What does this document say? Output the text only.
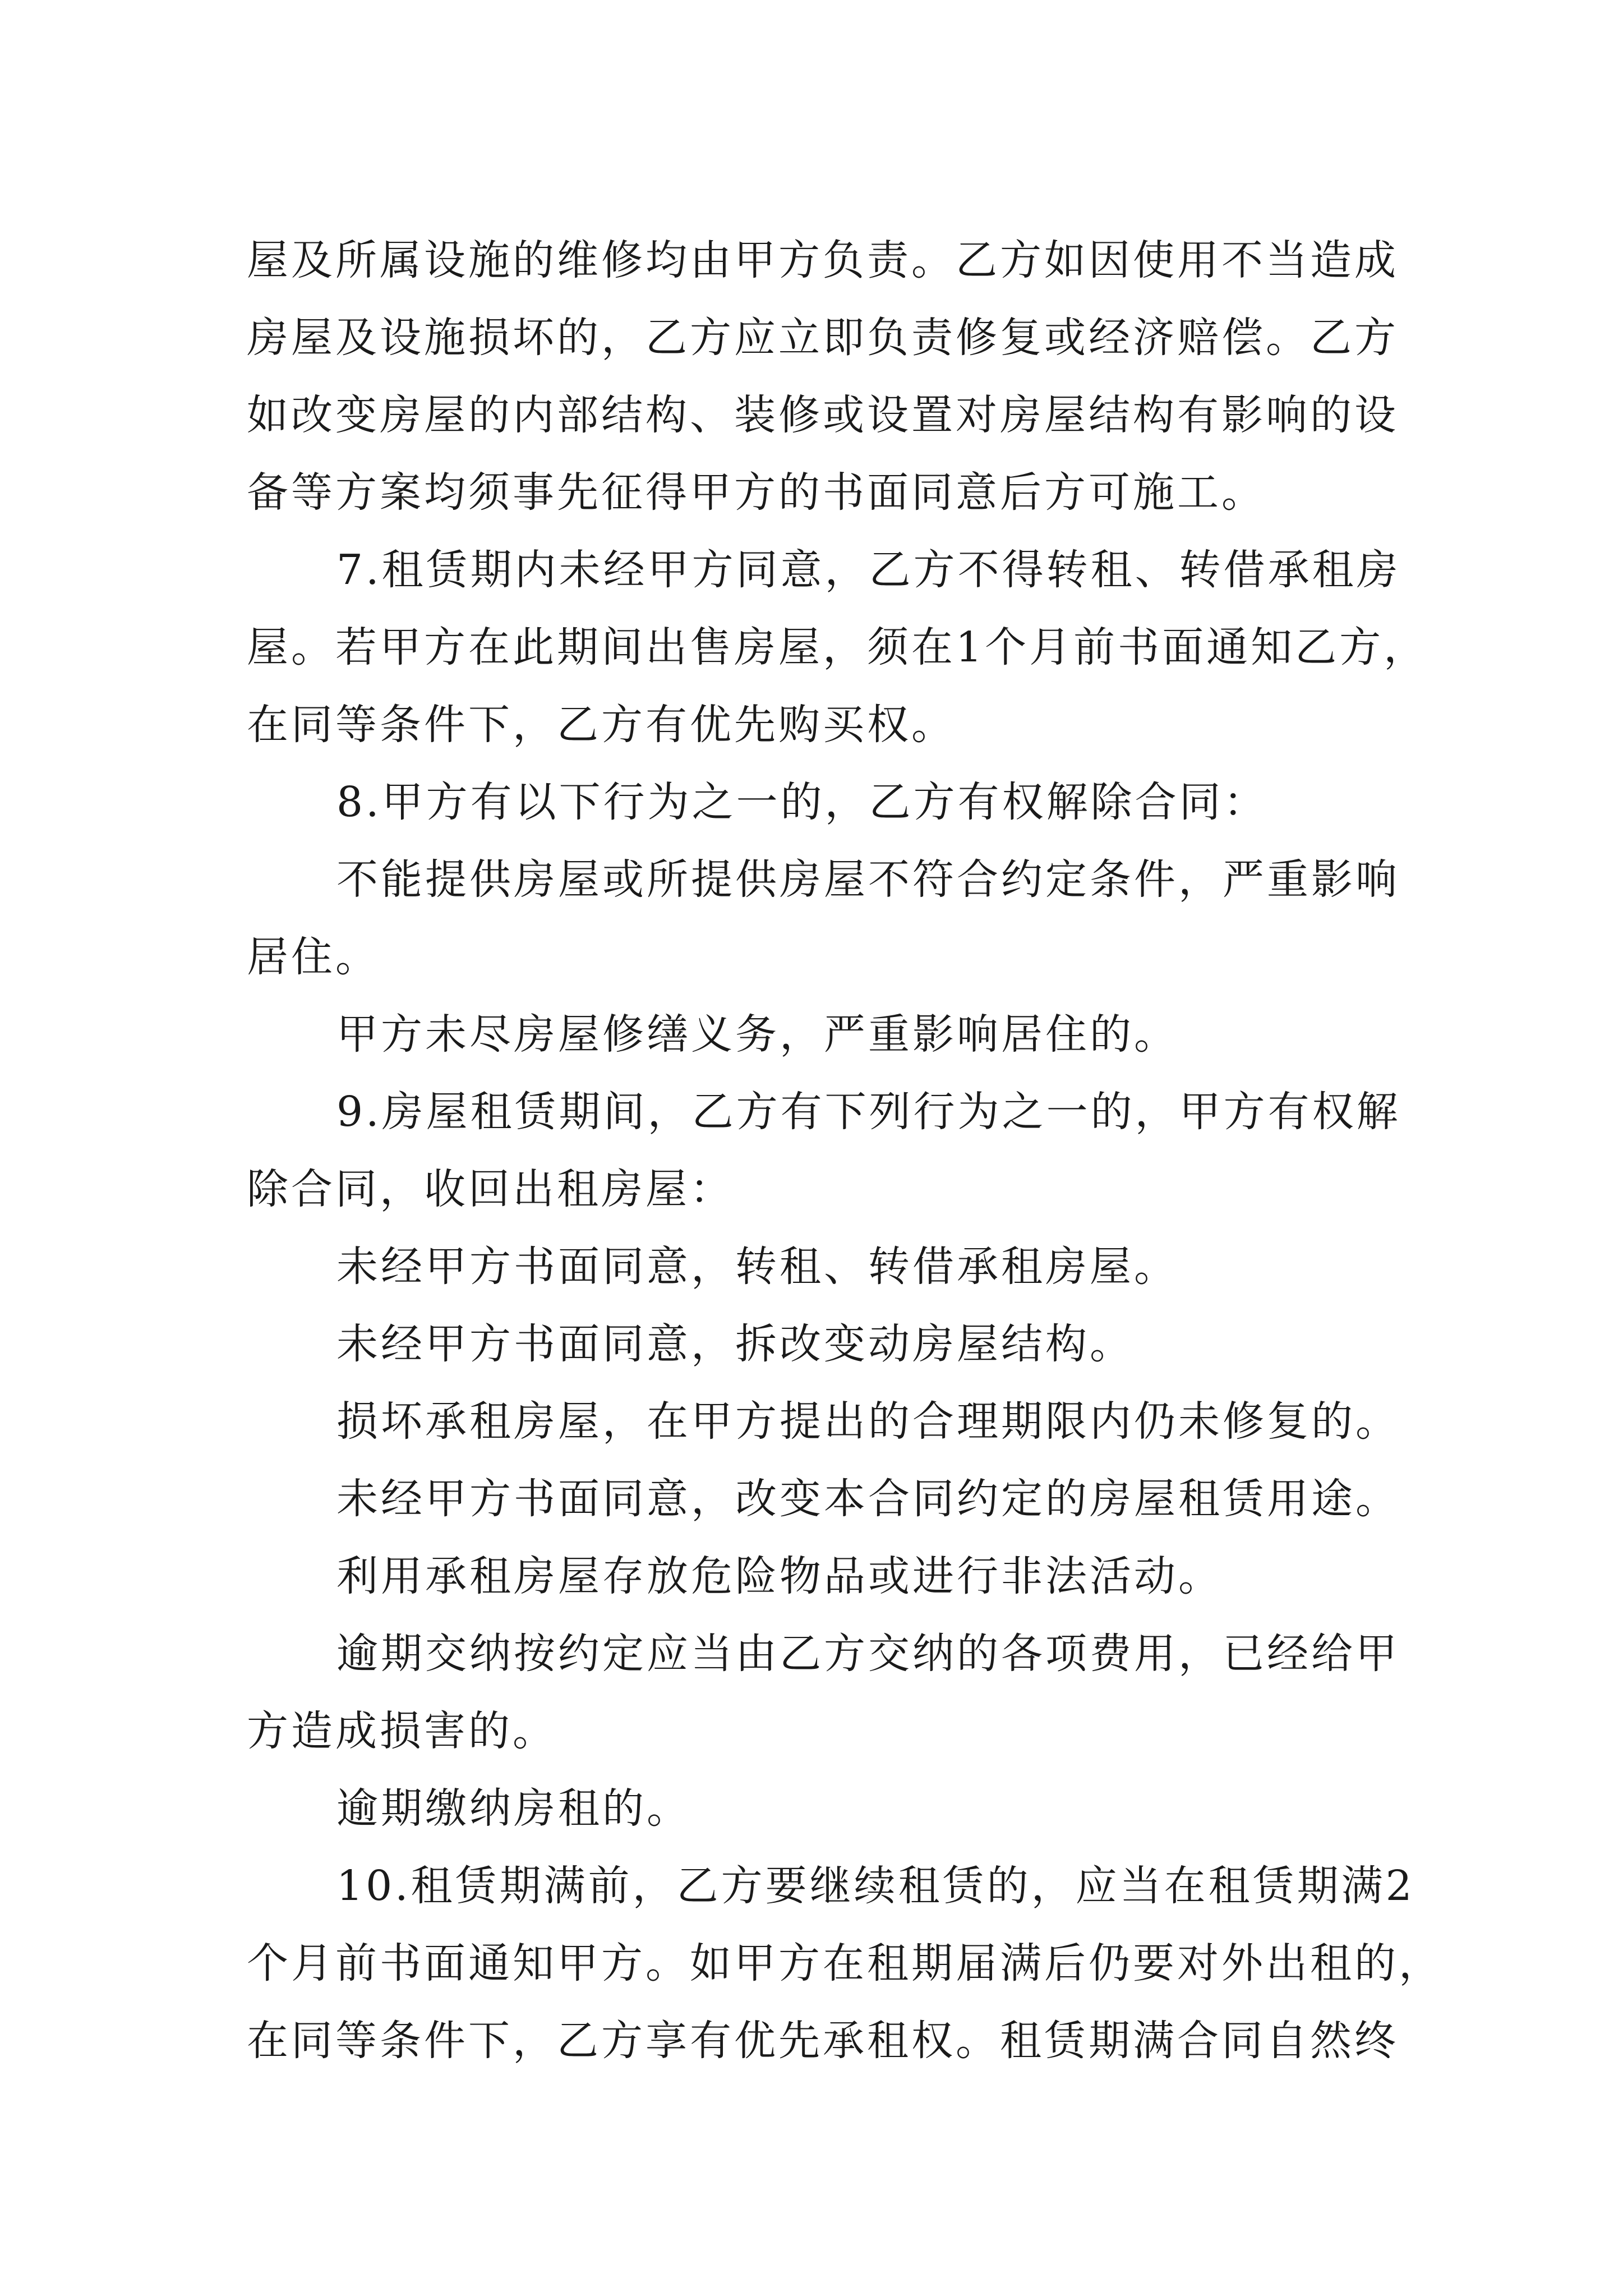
屋及所属设施的维修均由甲方负责。乙方如因使用不当造成
房屋及设施损坏的，乙方应立即负责修复或经济赔偿。乙方
如改变房屋的内部结构、装修或设置对房屋结构有影响的设
备等方案均须事先征得甲方的书面同意后方可施工。
7.租赁期内未经甲方同意，乙方不得转租、转借承租房
屋。若甲方在此期间出售房屋，须在1个月前书面通知乙方，
在同等条件下，乙方有优先购买权。
8.甲方有以下行为之一的，乙方有权解除合同：
不能提供房屋或所提供房屋不符合约定条件，严重影响
居住。
甲方未尽房屋修缮义务，严重影响居住的。
9.房屋租赁期间，乙方有下列行为之一的，甲方有权解
除合同，收回出租房屋：
未经甲方书面同意，转租、转借承租房屋。
未经甲方书面同意，拆改变动房屋结构。
损坏承租房屋，在甲方提出的合理期限内仍未修复的。
未经甲方书面同意，改变本合同约定的房屋租赁用途。
利用承租房屋存放危险物品或进行非法活动。
逾期交纳按约定应当由乙方交纳的各项费用，已经给甲
方造成损害的。
逾期缴纳房租的。
10.租赁期满前，乙方要继续租赁的，应当在租赁期满2
个月前书面通知甲方。如甲方在租期届满后仍要对外出租的，
在同等条件下，乙方享有优先承租权。租赁期满合同自然终
